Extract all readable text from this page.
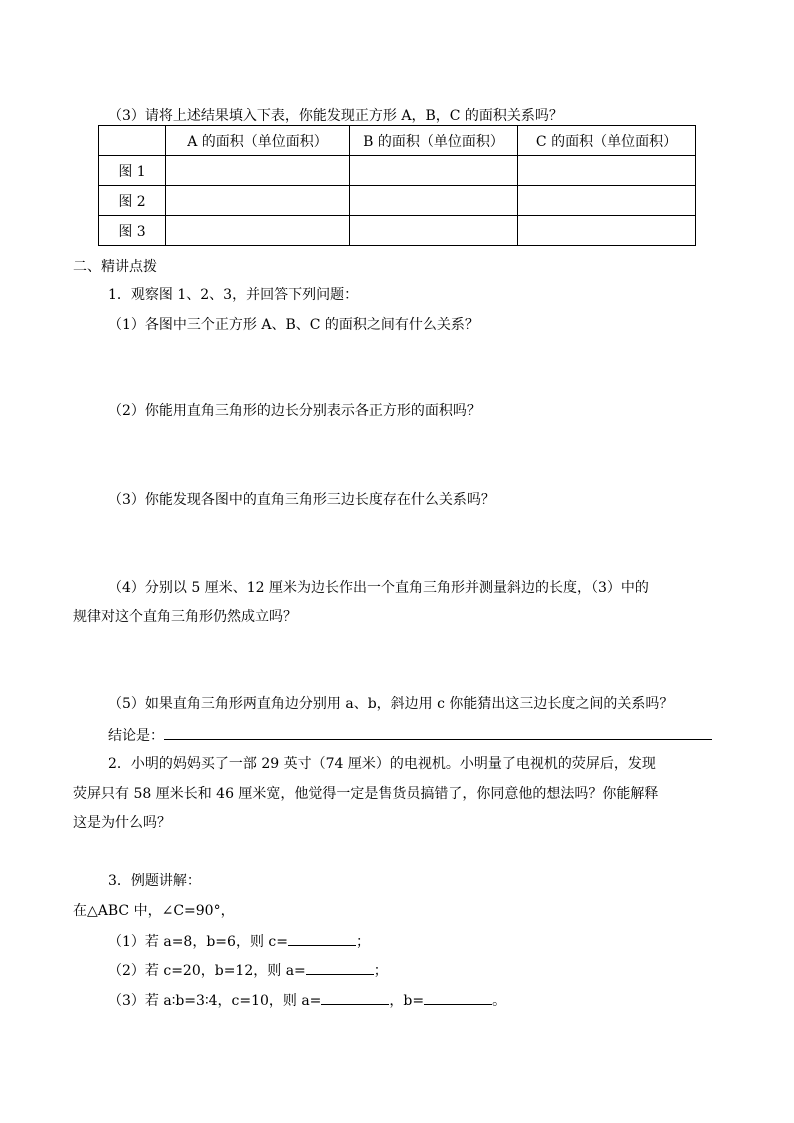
（3）请将上述结果填入下表，你能发现正方形 A，B，C 的面积关系吗？
	A 的面积（单位面积）	B 的面积（单位面积）	C 的面积（单位面积）
图 1			
图 2			
图 3			
二、精讲点拨
1．观察图 1、2、3，并回答下列问题：
（1）各图中三个正方形 A、B、C 的面积之间有什么关系？
（2）你能用直角三角形的边长分别表示各正方形的面积吗？
（3）你能发现各图中的直角三角形三边长度存在什么关系吗？
（4）分别以 5 厘米、12 厘米为边长作出一个直角三角形并测量斜边的长度，（3）中的
规律对这个直角三角形仍然成立吗？
（5）如果直角三角形两直角边分别用 a、b，斜边用 c 你能猜出这三边长度之间的关系吗？
结论是：
2．小明的妈妈买了一部 29 英寸（74 厘米）的电视机。小明量了电视机的荧屏后，发现
荧屏只有 58 厘米长和 46 厘米宽，他觉得一定是售货员搞错了，你同意他的想法吗？你能解释
这是为什么吗？
3．例题讲解：
在△ABC 中，∠C=90°，
（1）若 a=8，b=6，则 c=	；
（2）若 c=20，b=12，则 a=	；
（3）若 a∶b=3∶4，c=10，则 a=	，b=	。
